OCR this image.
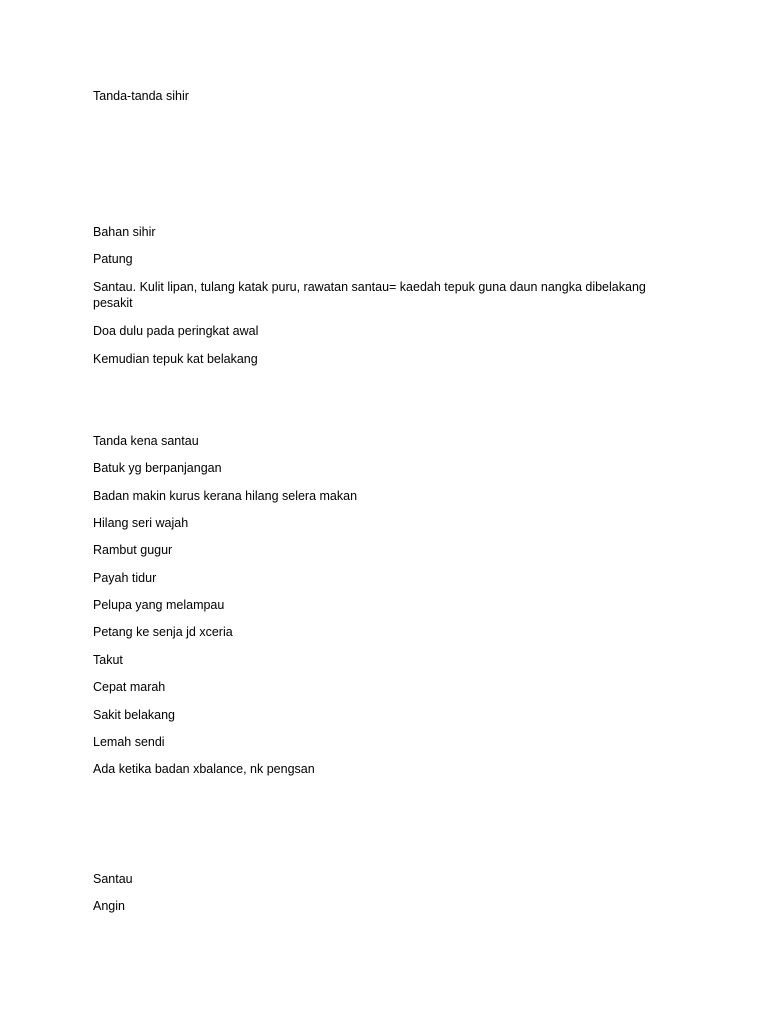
Tanda-tanda sihir

Bahan sihir

Patung

Santau. Kulit lipan, tulang katak puru, rawatan santau= kaedah tepuk guna daun nangka dibelakang pesakit

Doa dulu pada peringkat awal

Kemudian tepuk kat belakang

Tanda kena santau

Batuk yg berpanjangan

Badan makin kurus kerana hilang selera makan

Hilang seri wajah

Rambut gugur

Payah tidur

Pelupa yang melampau

Petang ke senja jd xceria

Takut

Cepat marah

Sakit belakang

Lemah sendi

Ada ketika badan xbalance, nk pengsan

Santau

Angin
